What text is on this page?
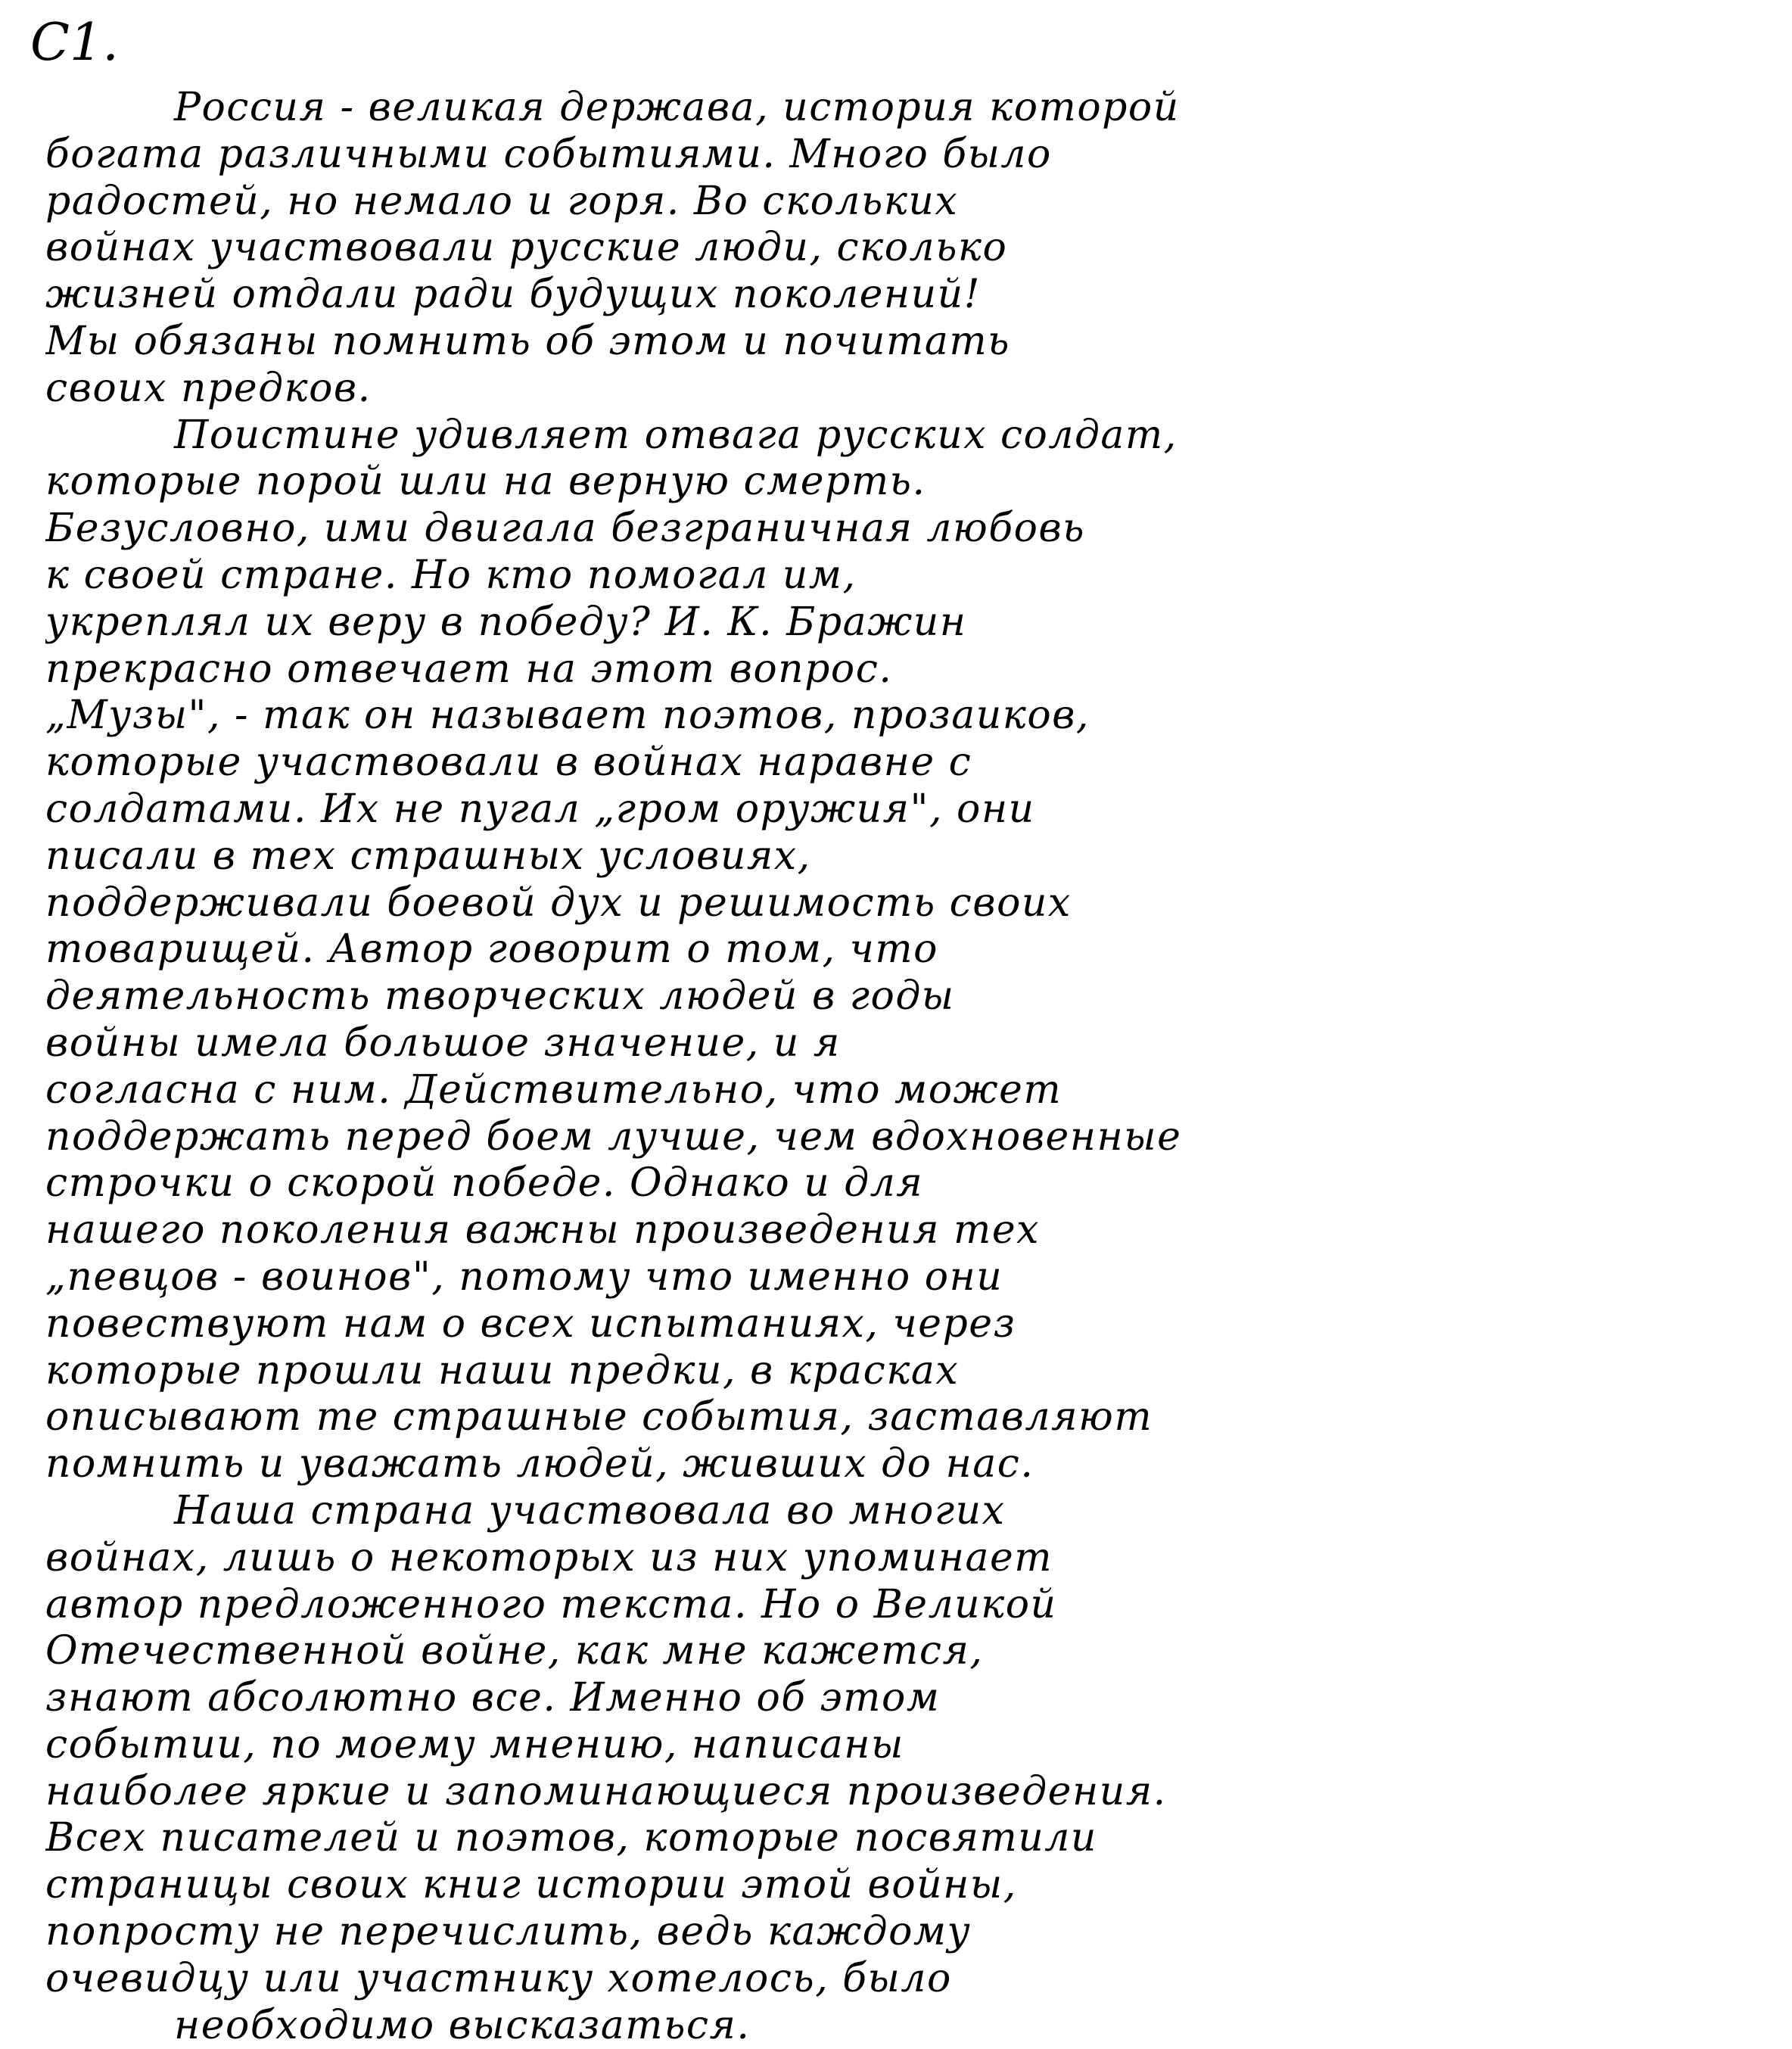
С1.
Россия - великая держава, история которой
богата различными событиями. Много было
радостей, но немало и горя. Во скольких
войнах участвовали русские люди, сколько
жизней отдали ради будущих поколений!
Мы обязаны помнить об этом и почитать
своих предков.
Поистине удивляет отвага русских солдат,
которые порой шли на верную смерть.
Безусловно, ими двигала безграничная любовь
к своей стране. Но кто помогал им,
укреплял их веру в победу? И. К. Бражин
прекрасно отвечает на этот вопрос.
„Музы", - так он называет поэтов, прозаиков,
которые участвовали в войнах наравне с
солдатами. Их не пугал „гром оружия", они
писали в тех страшных условиях,
поддерживали боевой дух и решимость своих
товарищей. Автор говорит о том, что
деятельность творческих людей в годы
войны имела большое значение, и я
согласна с ним. Действительно, что может
поддержать перед боем лучше, чем вдохновенные
строчки о скорой победе. Однако и для
нашего поколения важны произведения тех
„певцов - воинов", потому что именно они
повествуют нам о всех испытаниях, через
которые прошли наши предки, в красках
описывают те страшные события, заставляют
помнить и уважать людей, живших до нас.
Наша страна участвовала во многих
войнах, лишь о некоторых из них упоминает
автор предложенного текста. Но о Великой
Отечественной войне, как мне кажется,
знают абсолютно все. Именно об этом
событии, по моему мнению, написаны
наиболее яркие и запоминающиеся произведения.
Всех писателей и поэтов, которые посвятили
страницы своих книг истории этой войны,
попросту не перечислить, ведь каждому
очевидцу или участнику хотелось, было
необходимо высказаться.
